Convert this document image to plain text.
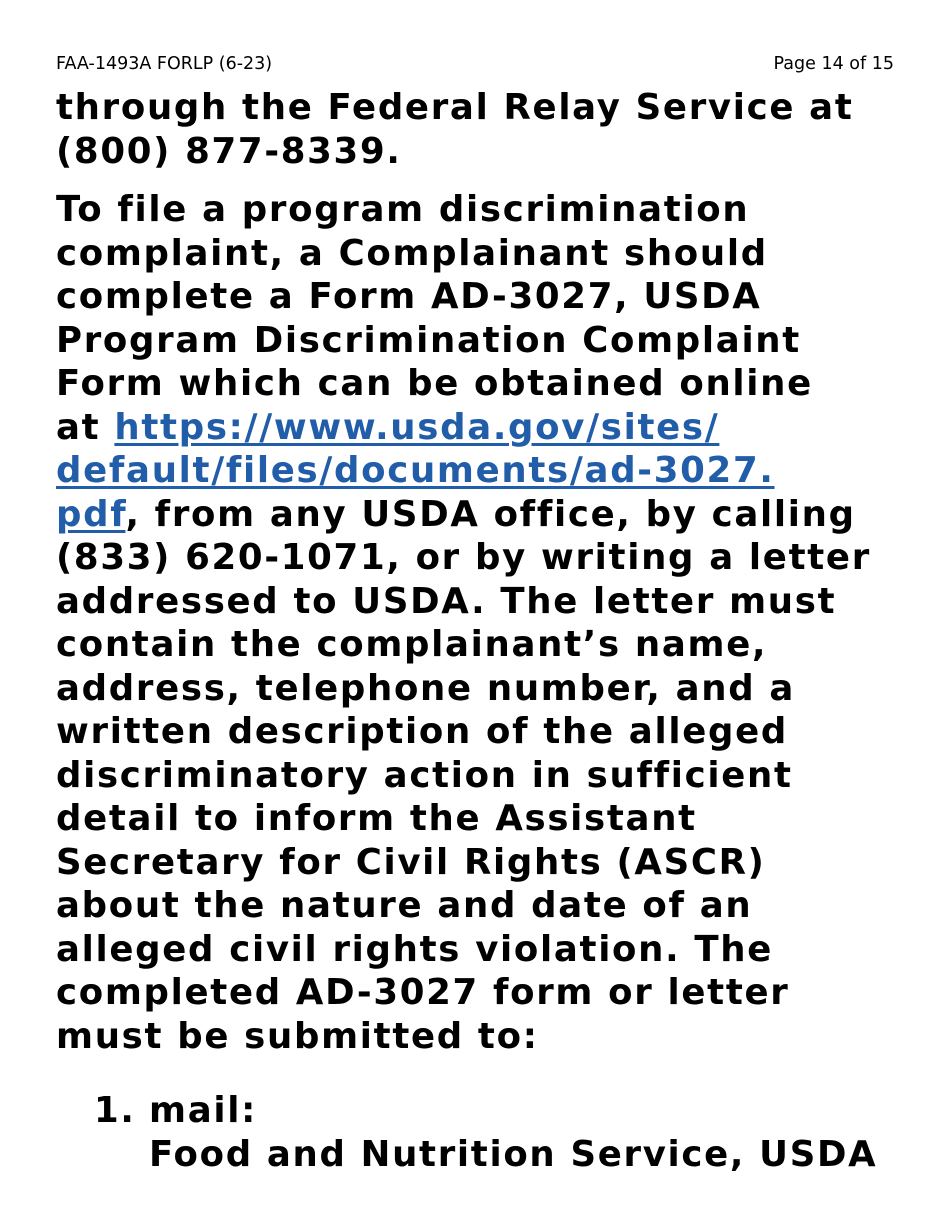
FAA-1493A FORLP (6-23)	Page 14 of 15

through the Federal Relay Service at
(800) 877-8339.

To file a program discrimination
complaint, a Complainant should
complete a Form AD-3027, USDA
Program Discrimination Complaint
Form which can be obtained online
at https://www.usda.gov/sites/
default/files/documents/ad-3027.
pdf, from any USDA office, by calling
(833) 620-1071, or by writing a letter
addressed to USDA. The letter must
contain the complainant’s name,
address, telephone number, and a
written description of the alleged
discriminatory action in sufficient
detail to inform the Assistant
Secretary for Civil Rights (ASCR)
about the nature and date of an
alleged civil rights violation. The
completed AD-3027 form or letter
must be submitted to:

1. mail:
Food and Nutrition Service, USDA
